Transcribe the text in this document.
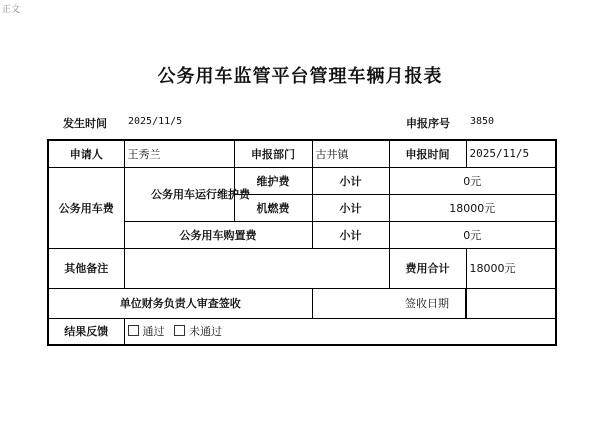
正文
公务用车监管平台管理车辆月报表
发生时间 2025/11/5	申报序号 3850
申请人	王秀兰	申报部门	古井镇	申报时间	2025/11/5
公务用车费	公务用车运行维护费	维护费	小计	0元	
		机燃费	小计	18000元	
	公务用车购置费		小计	0元	
其他备注				费用合计	18000元
单位财务负责人审查签收					签收日期

结果反馈	通过 未通过				
